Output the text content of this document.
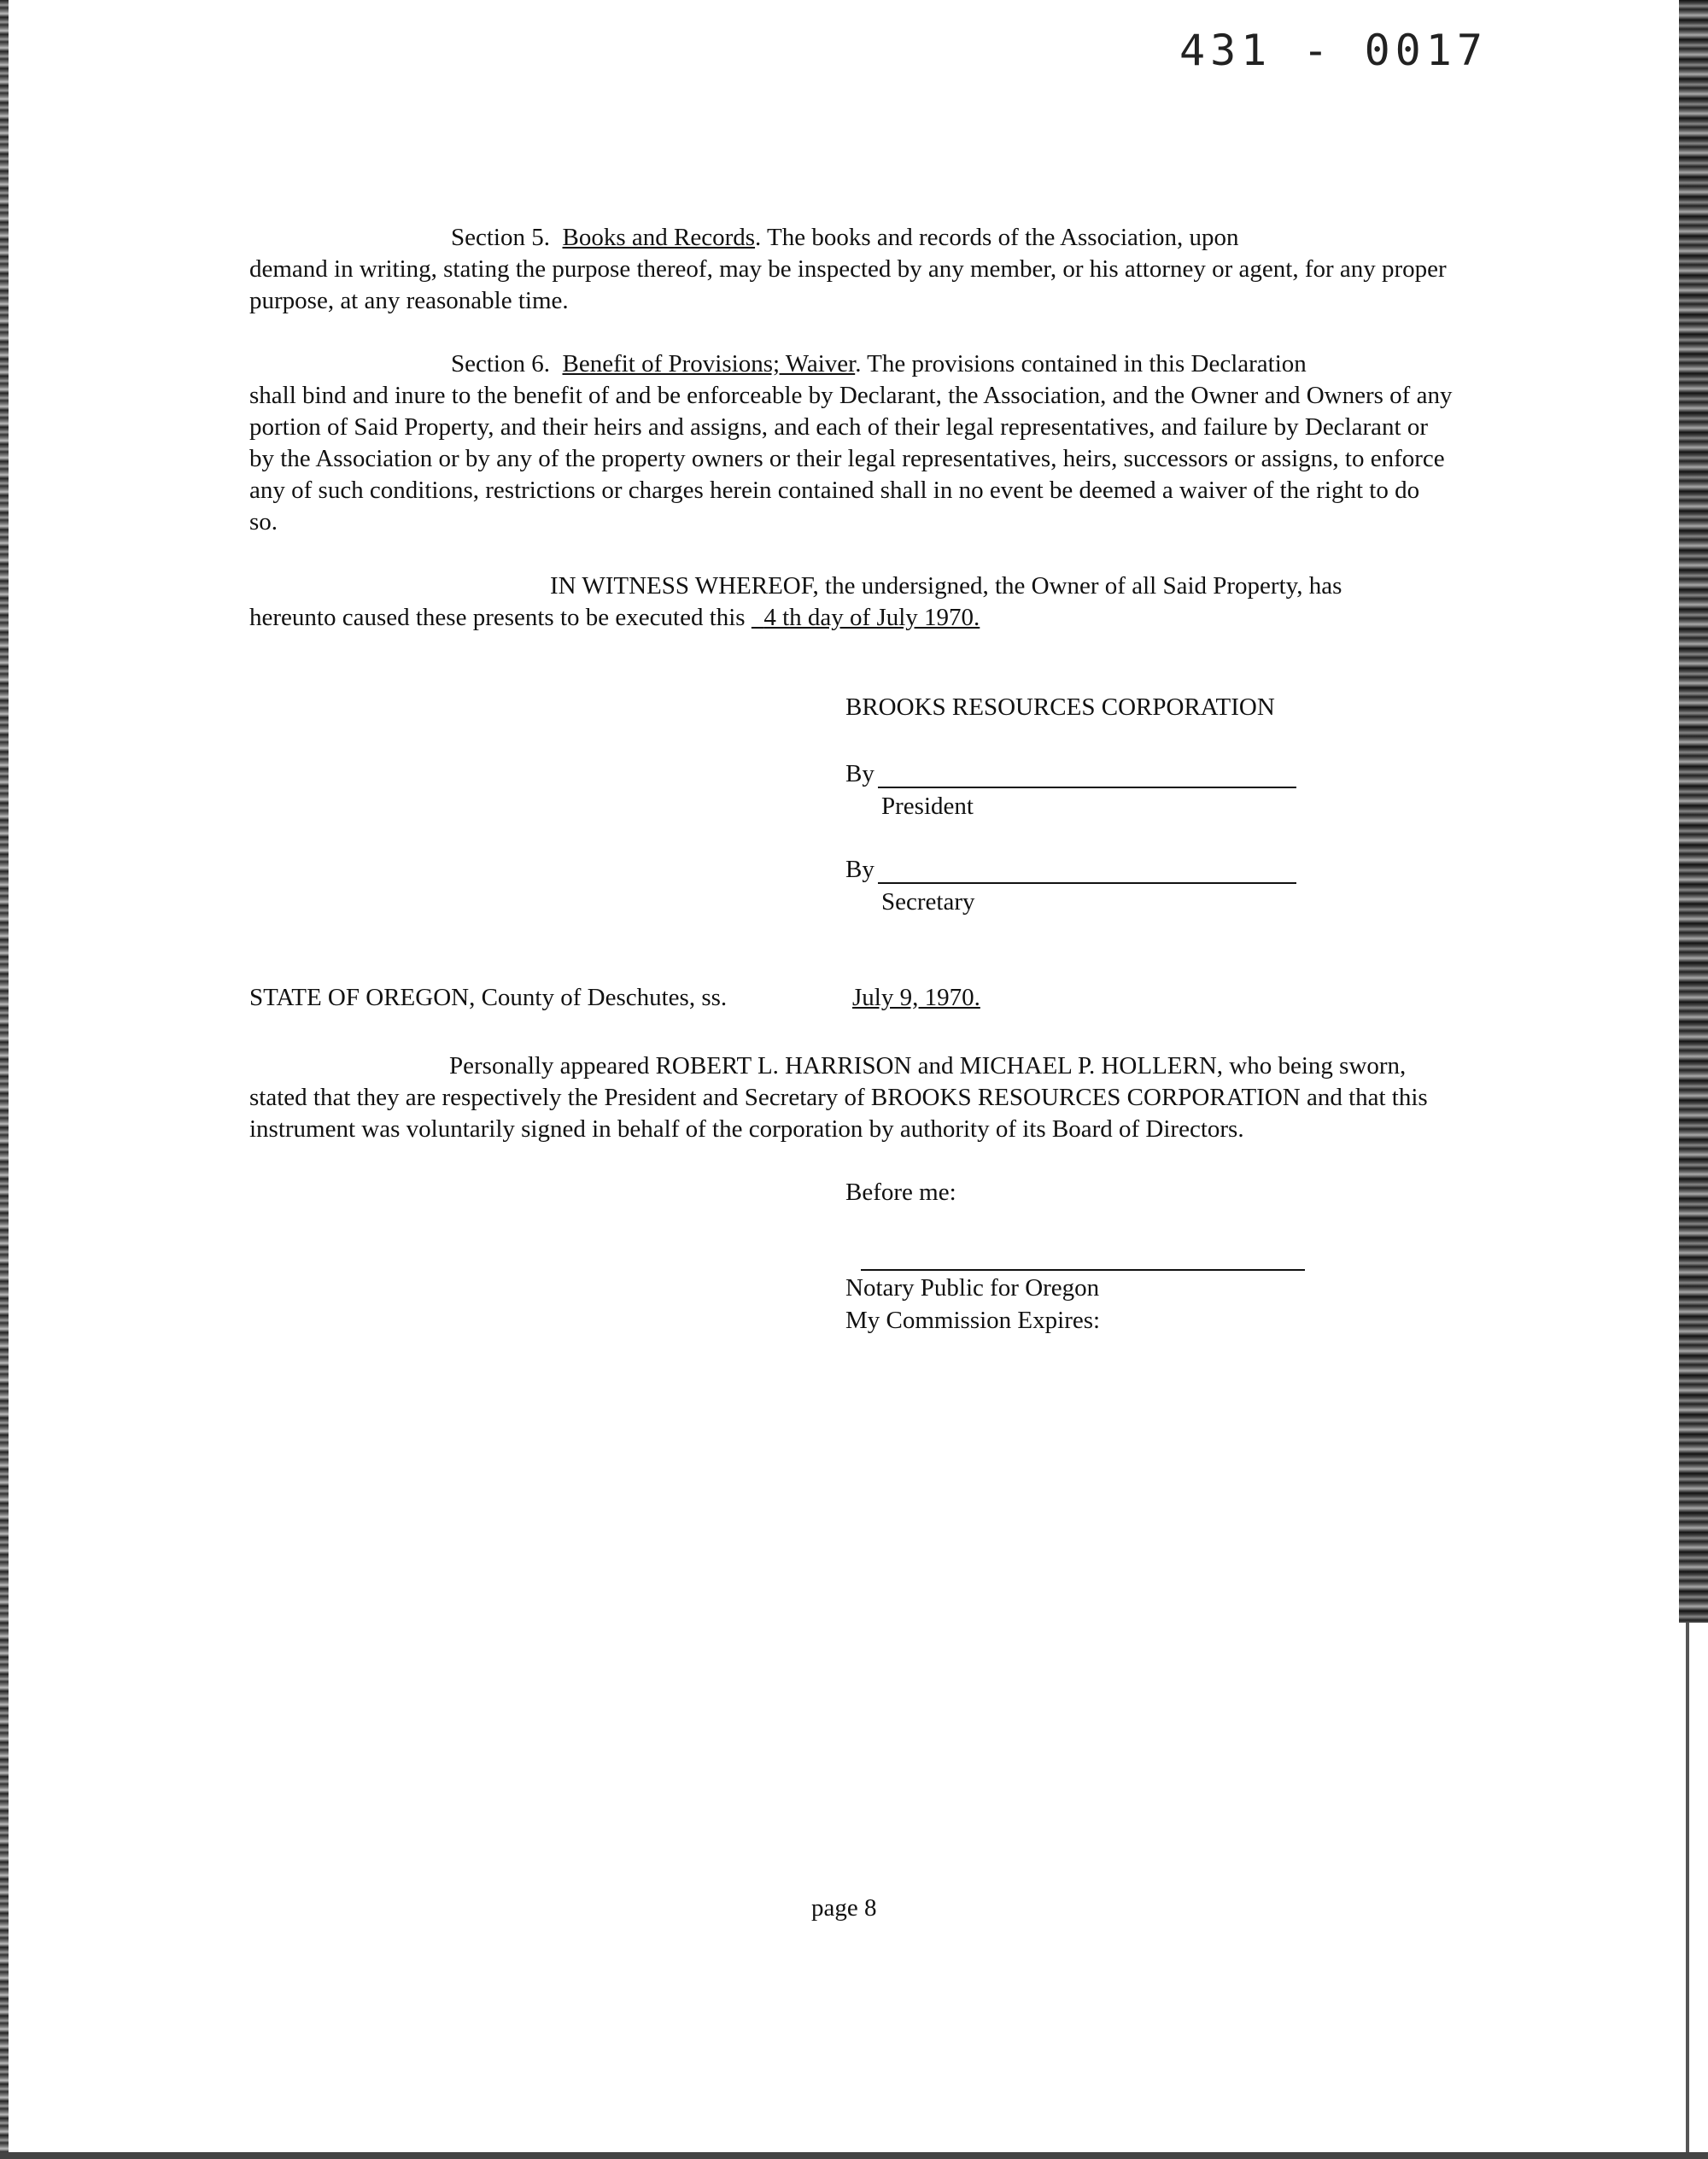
431 - 0017

Section 5. Books and Records. The books and records of the Association, upon

demand in writing, stating the purpose thereof, may be inspected by any member, or his attorney or agent, for any proper purpose, at any reasonable time.

Section 6. Benefit of Provisions; Waiver. The provisions contained in this Declaration

shall bind and inure to the benefit of and be enforceable by Declarant, the Association, and the Owner and Owners of any portion of Said Property, and their heirs and assigns, and each of their legal representatives, and failure by Declarant or by the Association or by any of the property owners or their legal representatives, heirs, successors or assigns, to enforce any of such conditions, restrictions or charges herein contained shall in no event be deemed a waiver of the right to do so.

IN WITNESS WHEREOF, the undersigned, the Owner of all Said Property, has

hereunto caused these presents to be executed this 4 th day of July 1970.

BROOKS RESOURCES CORPORATION
By
President
By
Secretary
STATE OF OREGON, County of Deschutes, ss.	July 9, 1970.

Personally appeared ROBERT L. HARRISON and MICHAEL P. HOLLERN, who being sworn, stated that they are respectively the President and Secretary of BROOKS RESOURCES CORPORATION and that this instrument was voluntarily signed in behalf of the corporation by authority of its Board of Directors.

Before me:
Notary Public for Oregon
My Commission Expires:
page 8
